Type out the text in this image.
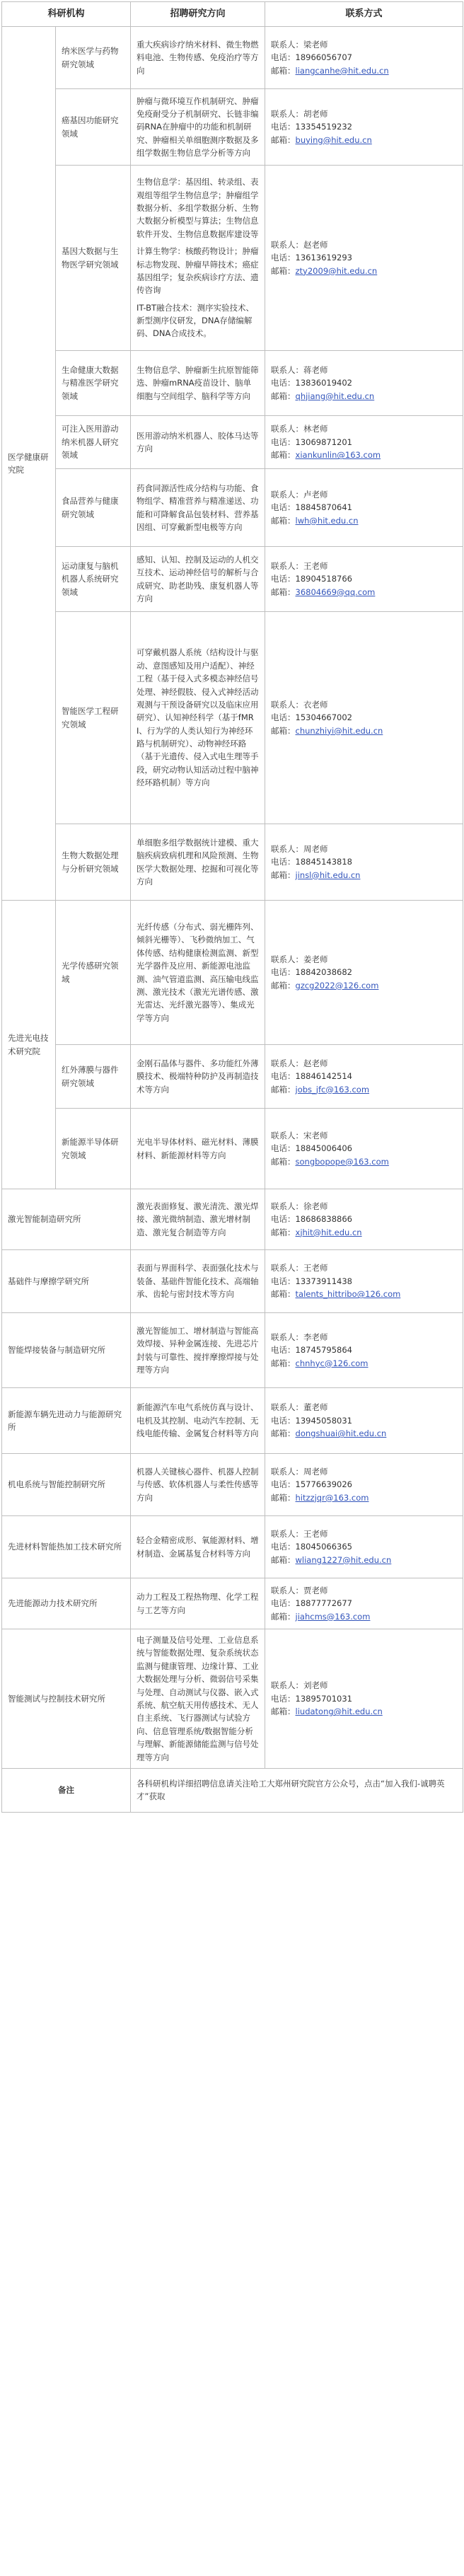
科研机构		招聘研究方向	联系方式
医学健康研究院	纳米医学与药物研究领域	重大疾病诊疗纳米材料、微生物燃料电池、生物传感、免疫治疗等方向	联系人：梁老师
电话：18966056707
邮箱：liangcanhe@hit.edu.cn

	癌基因功能研究领域	肿瘤与微环境互作机制研究、肿瘤免疫耐受分子机制研究、长链非编码RNA在肿瘤中的功能和机制研究、肿瘤相关单细胞测序数据及多组学数据生物信息学分析等方向	联系人：胡老师
电话：13354519232
邮箱：buying@hit.edu.cn

	基因大数据与生物医学研究领域	生物信息学：基因组、转录组、表观组等组学生物信息学；肿瘤组学数据分析、多组学数据分析、生物大数据分析模型与算法；生物信息软件开发、生物信息数据库建设等
计算生物学：核酸药物设计；肿瘤标志物发现、肿瘤早筛技术；癌症基因组学；复杂疾病诊疗方法、遗传咨询
IT-BT融合技术：测序实验技术、新型测序仪研发，DNA存储编解码、DNA合成技术。	联系人：赵老师
电话：13613619293
邮箱：zty2009@hit.edu.cn

	生命健康大数据与精准医学研究领域	生物信息学、肿瘤新生抗原智能筛选、肿瘤mRNA疫苗设计、脑单细胞与空间组学、脑科学等方向	联系人：蒋老师
电话：13836019402
邮箱：qhjiang@hit.edu.cn

	可注入医用游动纳米机器人研究领域	医用游动纳米机器人、胶体马达等方向	联系人：林老师
电话：13069871201
邮箱：xiankunlin@163.com

	食品营养与健康研究领域	药食同源活性成分结构与功能、食物组学、精准营养与精准递送、功能和可降解食品包装材料、营养基因组、可穿戴新型电极等方向	联系人：卢老师
电话：18845870641
邮箱：lwh@hit.edu.cn

	运动康复与脑机机器人系统研究领域	感知、认知、控制及运动的人机交互技术、运动神经信号的解析与合成研究、助老助残、康复机器人等方向	联系人：王老师
电话：18904518766
邮箱：36804669@qq.com

	智能医学工程研究领域	可穿戴机器人系统（结构设计与驱动、意图感知及用户适配）、神经工程（基于侵入式多模态神经信号处理、神经假肢、侵入式神经活动观测与干预设备研究以及临床应用研究）、认知神经科学（基于fMRI、行为学的人类认知行为神经环路与机制研究）、动物神经环路（基于光遗传、侵入式电生理等手段，研究动物认知活动过程中脑神经环路机制）等方向	联系人：衣老师
电话：15304667002
邮箱：chunzhiyi@hit.edu.cn

	生物大数据处理与分析研究领域	单细胞多组学数据统计建模、重大脑疾病致病机理和风险预测、生物医学大数据处理、挖掘和可视化等方向	联系人：周老师
电话：18845143818
邮箱：jinsl@hit.edu.cn

先进光电技术研究院	光学传感研究领域	光纤传感（分布式、弱光栅阵列、倾斜光栅等）、飞秒微纳加工、气体传感、结构健康检测监测、新型光学器件及应用、新能源电池监测、油气管道监测、高压输电线监测、激光技术（激光光谱传感、激光雷达、光纤激光器等）、集成光学等方向	联系人：姜老师
电话：18842038682
邮箱：gzcg2022@126.com

	红外薄膜与器件研究领域	金刚石晶体与器件、多功能红外薄膜技术、极端特种防护及再制造技术等方向	联系人：赵老师
电话：18846142514
邮箱：jobs_jfc@163.com

	新能源半导体研究领域	光电半导体材料、磁光材料、薄膜材料、新能源材料等方向	联系人：宋老师
电话：18845006406
邮箱：songbopope@163.com

激光智能制造研究所		激光表面修复、激光清洗、激光焊接、激光微纳制造、激光增材制造、激光复合制造等方向	联系人：徐老师
电话：18686838866
邮箱：xjhit@hit.edu.cn

基础件与摩擦学研究所		表面与界面科学、表面强化技术与装备、基础件智能化技术、高端轴承、齿轮与密封技术等方向	联系人：王老师
电话：13373911438
邮箱：talents_hittribo@126.com

智能焊接装备与制造研究所		激光智能加工、增材制造与智能高效焊接、异种金属连接、先进芯片封装与可靠性、搅拌摩擦焊接与处理等方向	联系人：李老师
电话：18745795864
邮箱：chnhyc@126.com

新能源车辆先进动力与能源研究所		新能源汽车电气系统仿真与设计、电机及其控制、电动汽车控制、无线电能传输、金属复合材料等方向	联系人：董老师
电话：13945058031
邮箱：dongshuai@hit.edu.cn

机电系统与智能控制研究所		机器人关键核心器件、机器人控制与传感、软体机器人与柔性传感等方向	联系人：周老师
电话：15776639026
邮箱：hitzzjqr@163.com

先进材料智能热加工技术研究所		轻合金精密成形、氧能源材料、增材制造、金属基复合材料等方向	联系人：王老师
电话：18045066365
邮箱：wliang1227@hit.edu.cn

先进能源动力技术研究所		动力工程及工程热物理、化学工程与工艺等方向	联系人：贾老师
电话：18877772677
邮箱：jiahcms@163.com

智能测试与控制技术研究所		电子测量及信号处理、工业信息系统与智能数据处理、复杂系统状态监测与健康管理、边缘计算、工业大数据处理与分析、微弱信号采集与处理、自动测试与仪器、嵌入式系统、航空航天用传感技术、无人自主系统、飞行器测试与试验方向、信息管理系统/数据智能分析与理解、新能源储能监测与信号处理等方向	联系人：刘老师
电话：13895701031
邮箱：liudatong@hit.edu.cn

备注		各科研机构详细招聘信息请关注哈工大郑州研究院官方公众号，点击“加入我们-诚聘英才”获取	
